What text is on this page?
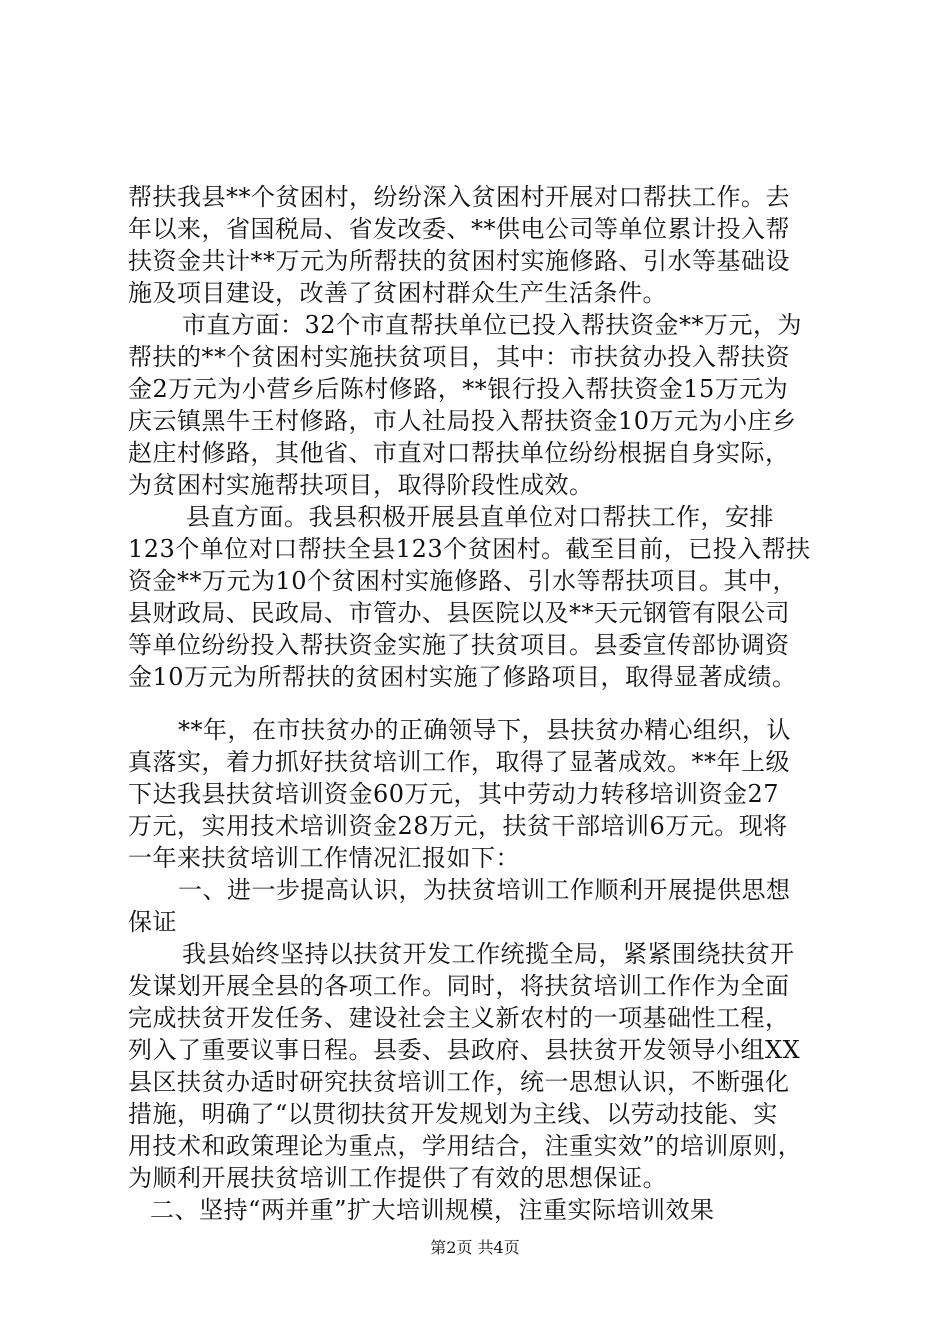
帮扶我县**个贫困村，纷纷深入贫困村开展对口帮扶工作。去
年以来，省国税局、省发改委、**供电公司等单位累计投入帮
扶资金共计**万元为所帮扶的贫困村实施修路、引水等基础设
施及项目建设，改善了贫困村群众生产生活条件。
市直方面：32个市直帮扶单位已投入帮扶资金**万元，为
帮扶的**个贫困村实施扶贫项目，其中：市扶贫办投入帮扶资
金2万元为小营乡后陈村修路，**银行投入帮扶资金15万元为
庆云镇黑牛王村修路，市人社局投入帮扶资金10万元为小庄乡
赵庄村修路，其他省、市直对口帮扶单位纷纷根据自身实际，
为贫困村实施帮扶项目，取得阶段性成效。
县直方面。我县积极开展县直单位对口帮扶工作，安排
123个单位对口帮扶全县123个贫困村。截至目前，已投入帮扶
资金**万元为10个贫困村实施修路、引水等帮扶项目。其中，
县财政局、民政局、市管办、县医院以及**天元钢管有限公司
等单位纷纷投入帮扶资金实施了扶贫项目。县委宣传部协调资
金10万元为所帮扶的贫困村实施了修路项目，取得显著成绩。
**年，在市扶贫办的正确领导下，县扶贫办精心组织，认
真落实，着力抓好扶贫培训工作，取得了显著成效。**年上级
下达我县扶贫培训资金60万元，其中劳动力转移培训资金27
万元，实用技术培训资金28万元，扶贫干部培训6万元。现将
一年来扶贫培训工作情况汇报如下：
一、进一步提高认识，为扶贫培训工作顺利开展提供思想
保证
我县始终坚持以扶贫开发工作统揽全局，紧紧围绕扶贫开
发谋划开展全县的各项工作。同时，将扶贫培训工作作为全面
完成扶贫开发任务、建设社会主义新农村的一项基础性工程，
列入了重要议事日程。县委、县政府、县扶贫开发领导小组XX
县区扶贫办适时研究扶贫培训工作，统一思想认识，不断强化
措施，明确了“以贯彻扶贫开发规划为主线、以劳动技能、实
用技术和政策理论为重点，学用结合，注重实效”的培训原则，
为顺利开展扶贫培训工作提供了有效的思想保证。
二、坚持“两并重”扩大培训规模，注重实际培训效果
第2页 共4页
